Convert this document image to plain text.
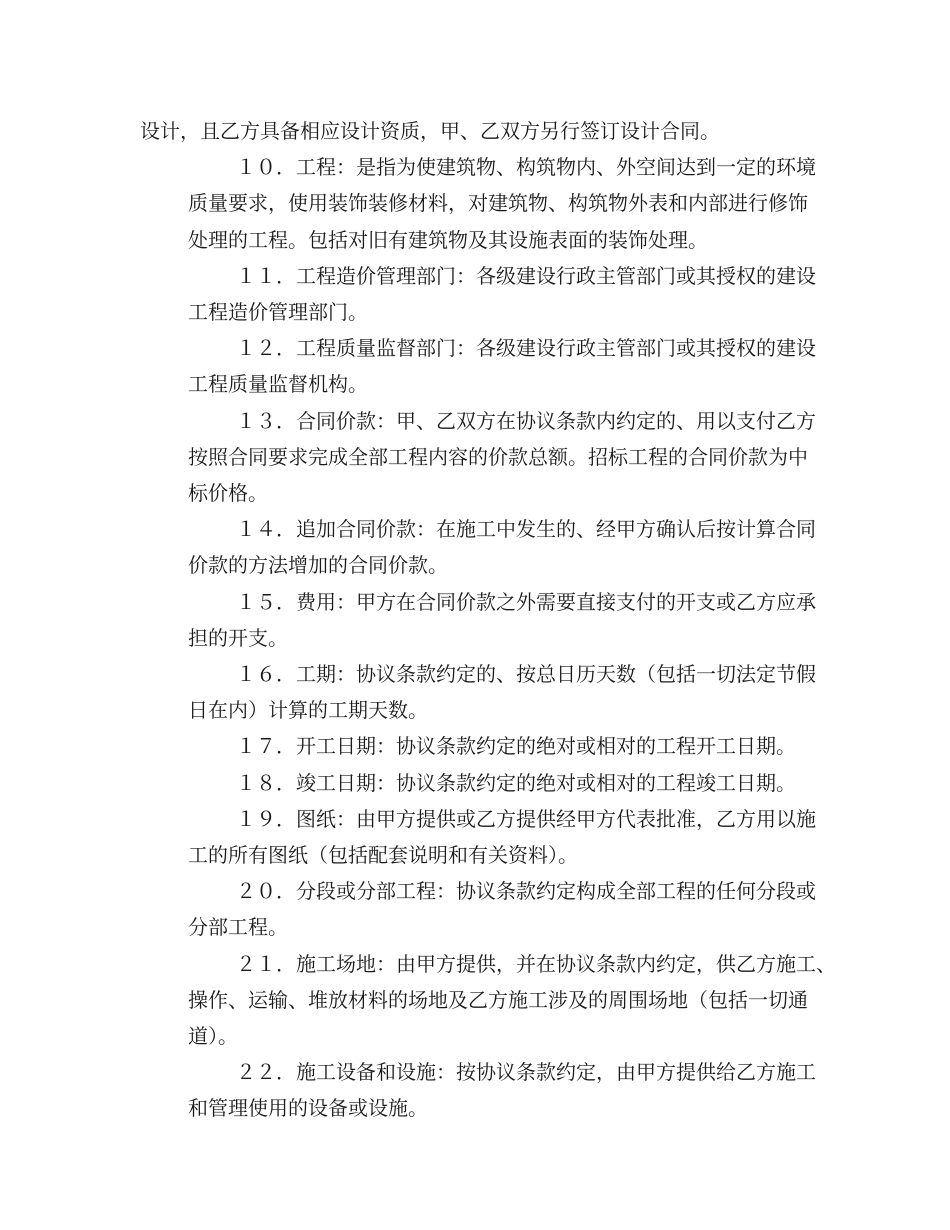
设计，且乙方具备相应设计资质，甲、乙双方另行签订设计合同。
１０．工程：是指为使建筑物、构筑物内、外空间达到一定的环境
质量要求，使用装饰装修材料，对建筑物、构筑物外表和内部进行修饰
处理的工程。包括对旧有建筑物及其设施表面的装饰处理。
１１．工程造价管理部门：各级建设行政主管部门或其授权的建设
工程造价管理部门。
１２．工程质量监督部门：各级建设行政主管部门或其授权的建设
工程质量监督机构。
１３．合同价款：甲、乙双方在协议条款内约定的、用以支付乙方
按照合同要求完成全部工程内容的价款总额。招标工程的合同价款为中
标价格。
１４．追加合同价款：在施工中发生的、经甲方确认后按计算合同
价款的方法增加的合同价款。
１５．费用：甲方在合同价款之外需要直接支付的开支或乙方应承
担的开支。
１６．工期：协议条款约定的、按总日历天数（包括一切法定节假
日在内）计算的工期天数。
１７．开工日期：协议条款约定的绝对或相对的工程开工日期。
１８．竣工日期：协议条款约定的绝对或相对的工程竣工日期。
１９．图纸：由甲方提供或乙方提供经甲方代表批准，乙方用以施
工的所有图纸（包括配套说明和有关资料）。
２０．分段或分部工程：协议条款约定构成全部工程的任何分段或
分部工程。
２１．施工场地：由甲方提供，并在协议条款内约定，供乙方施工、
操作、运输、堆放材料的场地及乙方施工涉及的周围场地（包括一切通
道）。
２２．施工设备和设施：按协议条款约定，由甲方提供给乙方施工
和管理使用的设备或设施。
